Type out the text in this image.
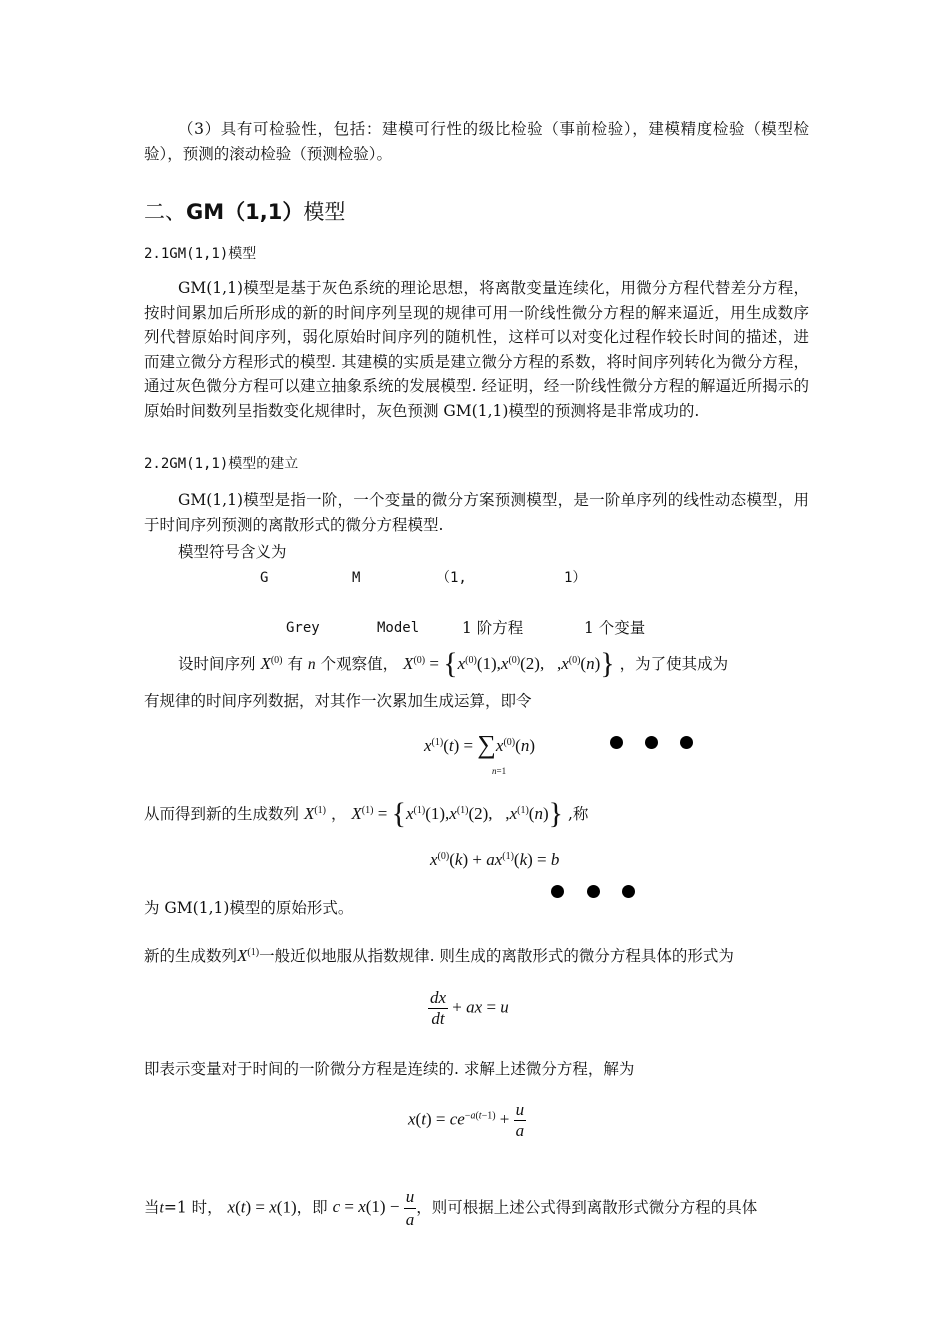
（3）具有可检验性，包括：建模可行性的级比检验（事前检验），建模精度检验（模型检验），预测的滚动检验（预测检验）。
二、GM（1,1）模型
2.1GM(1,1)模型
GM(1,1)模型是基于灰色系统的理论思想，将离散变量连续化，用微分方程代替差分方程，按时间累加后所形成的新的时间序列呈现的规律可用一阶线性微分方程的解来逼近，用生成数序列代替原始时间序列，弱化原始时间序列的随机性，这样可以对变化过程作较长时间的描述，进而建立微分方程形式的模型. 其建模的实质是建立微分方程的系数，将时间序列转化为微分方程，通过灰色微分方程可以建立抽象系统的发展模型. 经证明，经一阶线性微分方程的解逼近所揭示的原始时间数列呈指数变化规律时，灰色预测 GM(1,1)模型的预测将是非常成功的.
2.2GM(1,1)模型的建立
GM(1,1)模型是指一阶，一个变量的微分方案预测模型，是一阶单序列的线性动态模型，用于时间序列预测的离散形式的微分方程模型.
模型符号含义为
G	M	（1,	1）
Grey	Model	1 阶方程	1 个变量
设时间序列 $X^{(0)}$ 有 n 个观察值， $X^{(0)} = \{x^{(0)}(1),x^{(0)}(2)$,   $,x^{(0)}(n)$} ，为了使其成为
有规律的时间序列数据，对其作一次累加生成运算，即令
$x^{(1)}(t) = \sum x^{(0)}(n)$
n=1
从而得到新的生成数列 $X^{(1)}$ ， $X^{(1)} = \{x^{(1)}(1),x^{(1)}(2)$,   $,x^{(1)}(n)$} ,称
$x^{(0)}(k) + ax^{(1)}(k) = b$
为 GM(1,1)模型的原始形式。
新的生成数列$X^{(1)}$一般近似地服从指数规律. 则生成的离散形式的微分方程具体的形式为
$\frac{dx}{dt}$ + ax = u
即表示变量对于时间的一阶微分方程是连续的. 求解上述微分方程，解为
$x(t) = ce^{-a(t-1)} + \frac{u}{a}$
当t=1 时， x(t) = x(1)，即 $c = x(1) - \frac{u}{a}$ ，则可根据上述公式得到离散形式微分方程的具体
